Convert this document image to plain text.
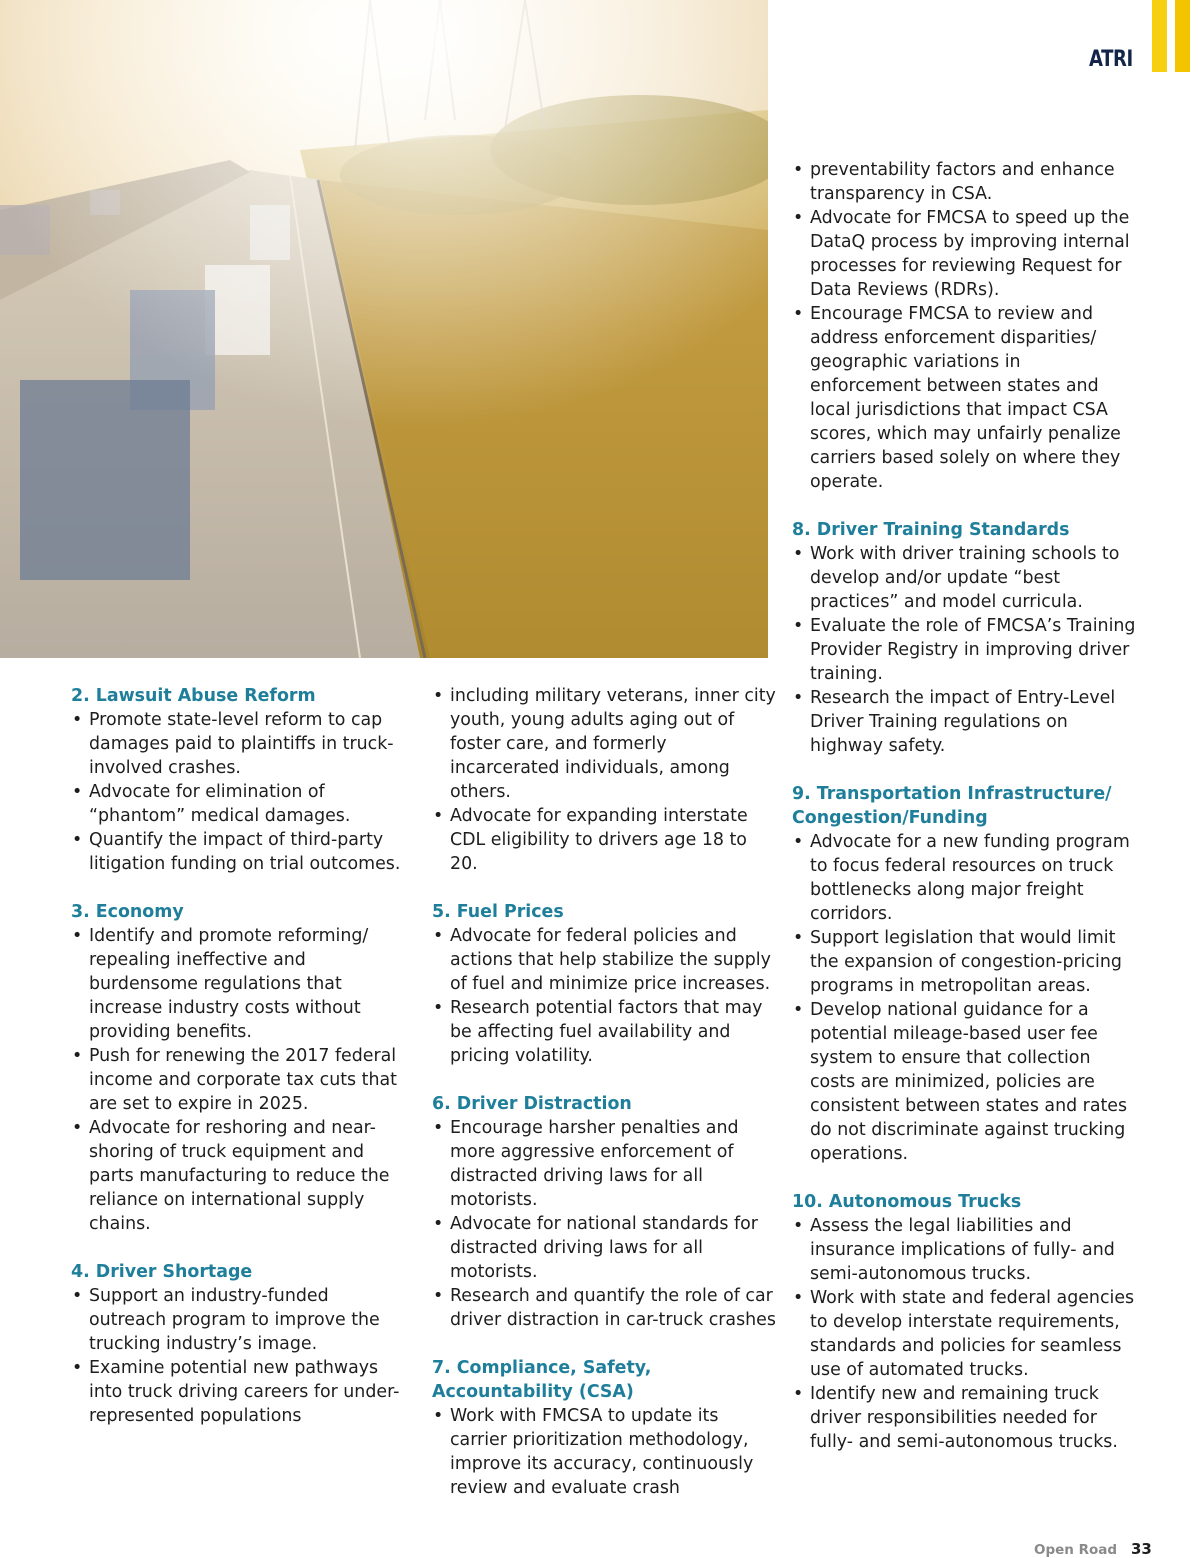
ATRI
2. Lawsuit Abuse Reform
• Promote state-level reform to cap damages paid to plaintiffs in truck-involved crashes.
• Advocate for elimination of “phantom” medical damages.
• Quantify the impact of third-party litigation funding on trial outcomes.
3. Economy
• Identify and promote reforming/ repealing ineffective and burdensome regulations that increase industry costs without providing benefits.
• Push for renewing the 2017 federal income and corporate tax cuts that are set to expire in 2025.
• Advocate for reshoring and near-shoring of truck equipment and parts manufacturing to reduce the reliance on international supply chains.
4. Driver Shortage
• Support an industry-funded outreach program to improve the trucking industry’s image.
• Examine potential new pathways into truck driving careers for under-represented populations
• including military veterans, inner city youth, young adults aging out of foster care, and formerly incarcerated individuals, among others.
• Advocate for expanding interstate CDL eligibility to drivers age 18 to 20.
5. Fuel Prices
• Advocate for federal policies and actions that help stabilize the supply of fuel and minimize price increases.
• Research potential factors that may be affecting fuel availability and pricing volatility.
6. Driver Distraction
• Encourage harsher penalties and more aggressive enforcement of distracted driving laws for all motorists.
• Advocate for national standards for distracted driving laws for all motorists.
• Research and quantify the role of car driver distraction in car-truck crashes
7. Compliance, Safety, Accountability (CSA)
• Work with FMCSA to update its carrier prioritization methodology, improve its accuracy, continuously review and evaluate crash
• preventability factors and enhance transparency in CSA.
• Advocate for FMCSA to speed up the DataQ process by improving internal processes for reviewing Request for Data Reviews (RDRs).
• Encourage FMCSA to review and address enforcement disparities/ geographic variations in enforcement between states and local jurisdictions that impact CSA scores, which may unfairly penalize carriers based solely on where they operate.
8. Driver Training Standards
• Work with driver training schools to develop and/or update “best practices” and model curricula.
• Evaluate the role of FMCSA’s Training Provider Registry in improving driver training.
• Research the impact of Entry-Level Driver Training regulations on highway safety.
9. Transportation Infrastructure/ Congestion/Funding
• Advocate for a new funding program to focus federal resources on truck bottlenecks along major freight corridors.
• Support legislation that would limit the expansion of congestion-pricing programs in metropolitan areas.
• Develop national guidance for a potential mileage-based user fee system to ensure that collection costs are minimized, policies are consistent between states and rates do not discriminate against trucking operations.
10. Autonomous Trucks
• Assess the legal liabilities and insurance implications of fully- and semi-autonomous trucks.
• Work with state and federal agencies to develop interstate requirements, standards and policies for seamless use of automated trucks.
• Identify new and remaining truck driver responsibilities needed for fully- and semi-autonomous trucks.
Open Road 33
